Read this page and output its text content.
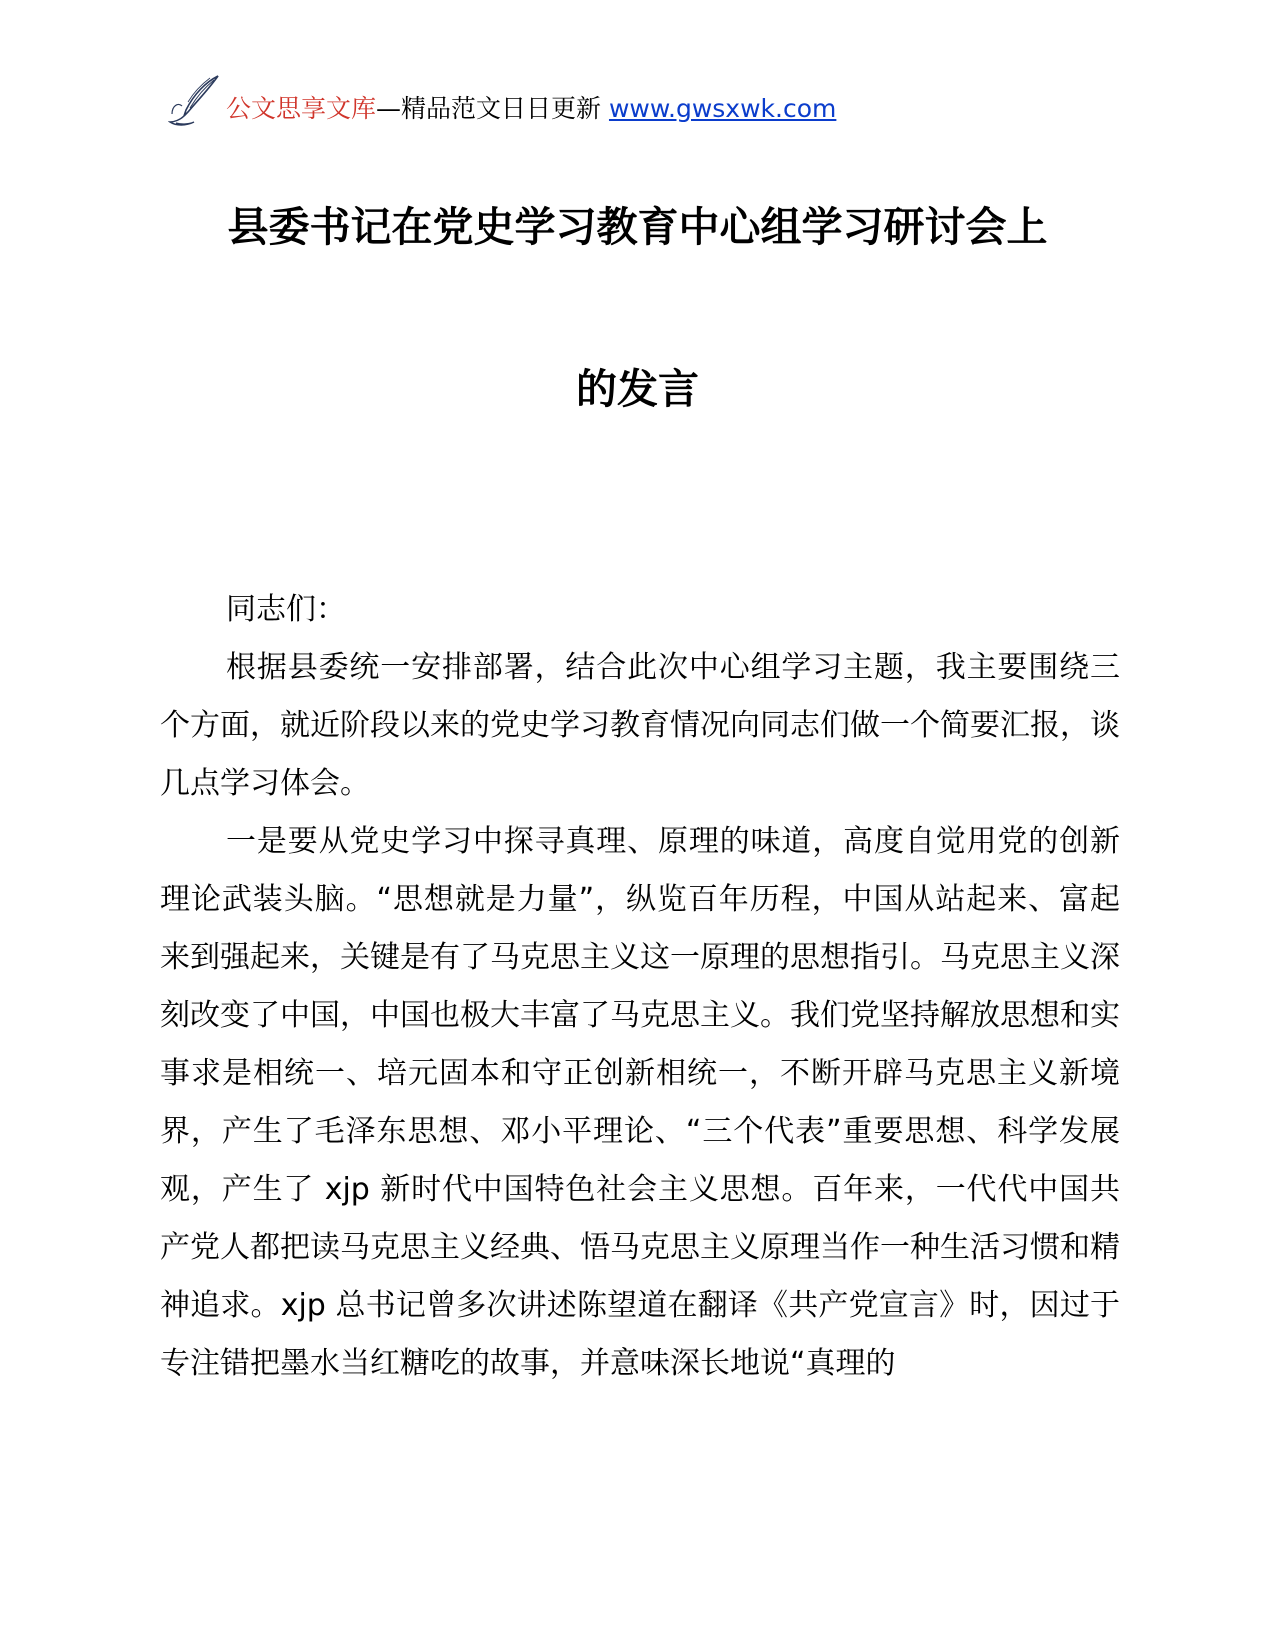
公文思享文库—精品范文日日更新 www.gwsxwk.com
县委书记在党史学习教育中心组学习研讨会上
的发言

同志们：

根据县委统一安排部署，结合此次中心组学习主题，我主要围绕三个方面，就近阶段以来的党史学习教育情况向同志们做一个简要汇报，谈几点学习体会。

一是要从党史学习中探寻真理、原理的味道，高度自觉用党的创新理论武装头脑。“思想就是力量”，纵览百年历程，中国从站起来、富起来到强起来，关键是有了马克思主义这一原理的思想指引。马克思主义深刻改变了中国，中国也极大丰富了马克思主义。我们党坚持解放思想和实事求是相统一、培元固本和守正创新相统一，不断开辟马克思主义新境界，产生了毛泽东思想、邓小平理论、“三个代表”重要思想、科学发展观，产生了 xjp 新时代中国特色社会主义思想。百年来，一代代中国共产党人都把读马克思主义经典、悟马克思主义原理当作一种生活习惯和精神追求。xjp 总书记曾多次讲述陈望道在翻译《共产党宣言》时，因过于专注错把墨水当红糖吃的故事，并意味深长地说“真理的
